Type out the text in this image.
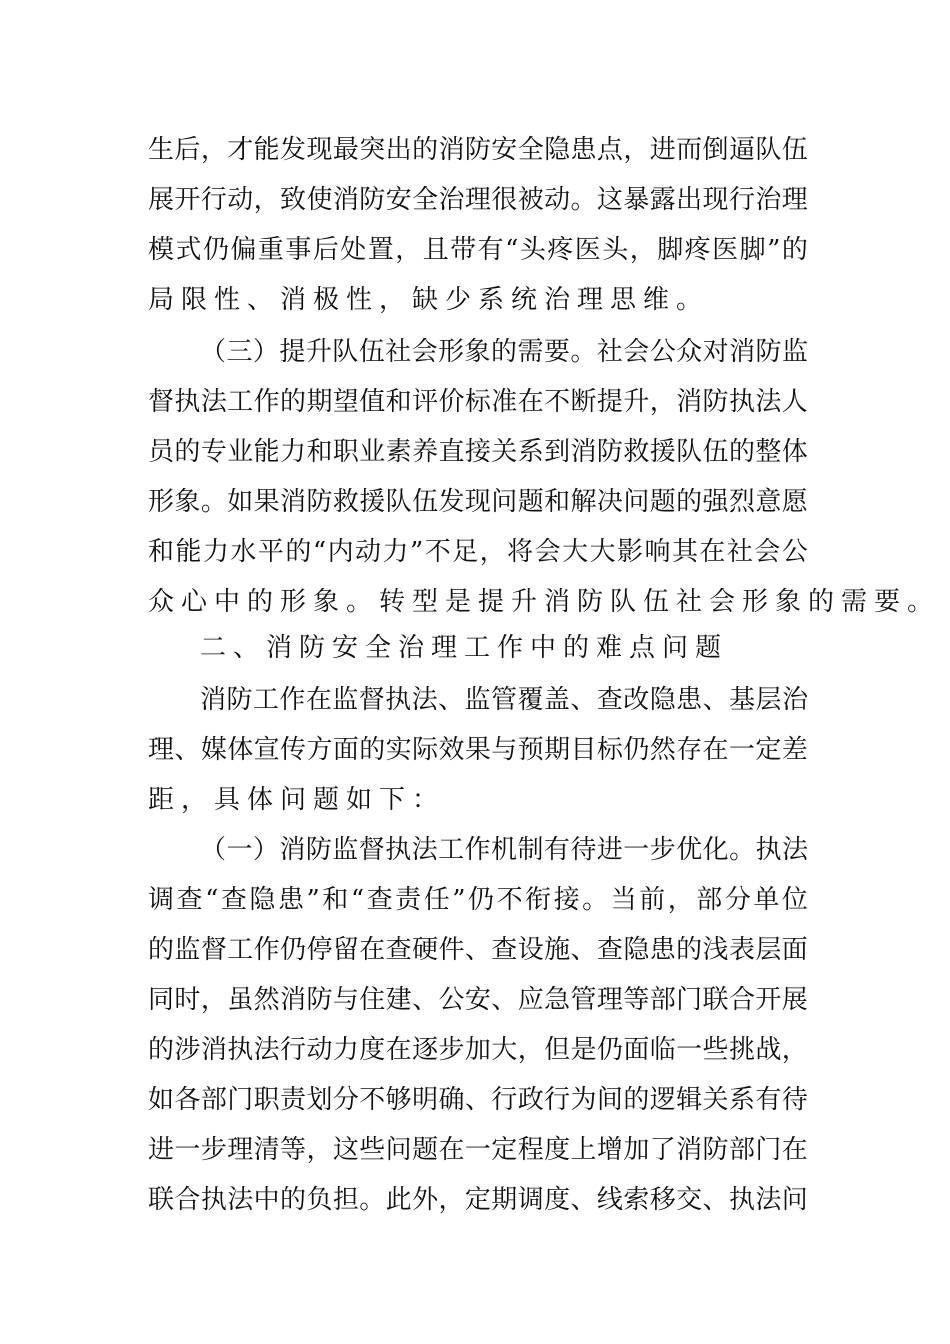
生 后 ， 才 能 发 现 最 突 出 的 消 防 安 全 隐 患 点 ， 进 而 倒 逼 队 伍
展 开 行 动 ， 致 使 消 防 安 全 治 理 很 被 动 。 这 暴 露 出 现 行 治 理
模 式 仍 偏 重 事 后 处 置 ， 且 带 有 “ 头 疼 医 头 ， 脚 疼 医 脚 ” 的
局限性、消极性，缺少系统治理思维。
（ 三 ） 提 升 队 伍 社 会 形 象 的 需 要 。 社 会 公 众 对 消 防 监
督 执 法 工 作 的 期 望 值 和 评 价 标 准 在 不 断 提 升 ， 消 防 执 法 人
员 的 专 业 能 力 和 职 业 素 养 直 接 关 系 到 消 防 救 援 队 伍 的 整 体
形 象 。 如 果 消 防 救 援 队 伍 发 现 问 题 和 解 决 问 题 的 强 烈 意 愿
和 能 力 水 平 的 “ 内 动 力 ” 不 足 ， 将 会 大 大 影 响 其 在 社 会 公
众心中的形象。转型是提升消防队伍社会形象的需要。
二、消防安全治理工作中的难点问题
消 防 工 作 在 监 督 执 法 、 监 管 覆 盖 、 查 改 隐 患 、 基 层 治
理 、 媒 体 宣 传 方 面 的 实 际 效 果 与 预 期 目 标 仍 然 存 在 一 定 差
距，具体问题如下：
（ 一 ） 消 防 监 督 执 法 工 作 机 制 有 待 进 一 步 优 化 。 执 法
调 查 “ 查 隐 患 ” 和 “ 查 责 任 ” 仍 不 衔 接 。 当 前 ， 部 分 单 位
的 监 督 工 作 仍 停 留 在 查 硬 件 、 查 设 施 、 查 隐 患 的 浅 表 层 面
同 时 ， 虽 然 消 防 与 住 建 、 公 安 、 应 急 管 理 等 部 门 联 合 开 展
的 涉 消 执 法 行 动 力 度 在 逐 步 加 大 ， 但 是 仍 面 临 一 些 挑 战 ，
如 各 部 门 职 责 划 分 不 够 明 确 、 行 政 行 为 间 的 逻 辑 关 系 有 待
进 一 步 理 清 等 ， 这 些 问 题 在 一 定 程 度 上 增 加 了 消 防 部 门 在
联 合 执 法 中 的 负 担 。 此 外 ， 定 期 调 度 、 线 索 移 交 、 执 法 问
